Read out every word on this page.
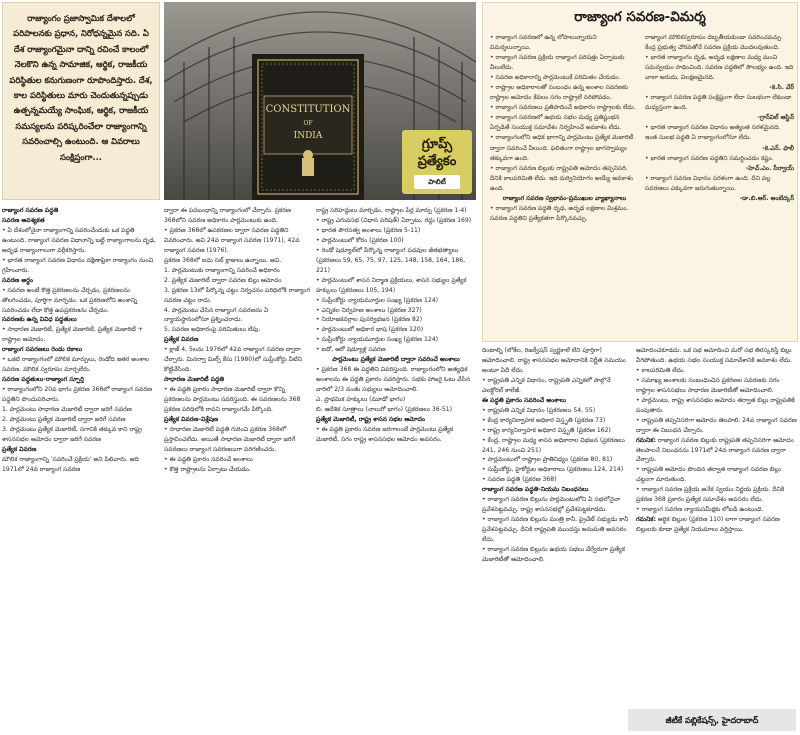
రాజ్యాంగం ప్రజాస్వామిక దేశాలలో పరిపాలనకు ప్రధాన, నిరోధన్నమైన సది. ఏ దేశ రాజ్యాంగమైనా దాన్ని రచించే కాలంలో నెలకొని ఉన్న సామాజిక, ఆర్థిక, రాజకీయ పరిస్థితుల కనుగుణంగా రూపొందిస్తారు. దేశ, కాల పరిస్థితులు మారు చెందుతున్నప్పుడు ఉత్పన్నమయ్యే సాంఘిక, ఆర్థిక, రాజకీయ సమస్యలను పరిష్కరించేలా రాజ్యాంగాన్ని సవరించాల్సి ఉంటుంది. ఆ వివరాలు సంక్షిప్తంగా...

CONSTITUTION
OF
INDIA
గ్రూప్స్ ప్రత్యేకం
పాలిటీ
రాజ్యాంగ సవరణ-విమర్శ

• రాజ్యాంగ సవరణలో ఉన్న లోపాలున్నాయని విమర్శలున్నాయి.

• రాజ్యాంగ సవరణ ప్రక్రియ రాజ్యాంగ పరిషత్తు ఏర్పాటుకు వీలులేదు.

• సవరణ అధికారాన్ని పార్లమెంటుకే పరిమితం చేయడం.

• రాష్ట్రాల అధికారాలతో సంబంధం ఉన్న అంశాల సవరణకు రాష్ట్రాల ఆమోదం కేవలం సగం రాష్ట్రాలే సరిపోవడం.

• రాజ్యాంగ సవరణలు ప్రతిపాదించే అధికారం రాష్ట్రాలకు లేదు.

• రాజ్యాంగ సవరణలో ఉభయ సభల మధ్య ప్రతిష్టంభన ఏర్పడితే సంయుక్త సమావేశం నిర్వహించే అవకాశం లేదు.

• రాజ్యాంగంలోని అధిక భాగాన్ని పార్లమెంటు ప్రత్యేక మెజారిటీ ద్వారా సవరించే వీలుంది. ఫలితంగా రాష్ట్రాల భాగస్వామ్యం తక్కువగా ఉంది.

• రాజ్యాంగ సవరణ బిల్లుకు రాష్ట్రపతి ఆమోదం తప్పనిసరి. దీనికి కాలపరిమితి లేదు. ఇది దుర్వినియోగం అయ్యే అవకాశం ఉంది.

రాజ్యాంగ సవరణ స్వభావం-ప్రముఖుల వ్యాఖ్యానాలు

• రాజ్యాంగ సవరణ పద్ధతి దృఢ, అదృఢ లక్షణాల మిశ్రమం. సవరణ పద్ధతిని ప్రత్యేకతగా పేర్కొనవచ్చు.

రాజ్యాంగ మౌలికస్వరూపం దెబ్బతీయకుండా సవరించవచ్చు. కేంద్ర ప్రభుత్వ చొరవతోనే సవరణ ప్రక్రియ మొదలవుతుంది.

• భారత రాజ్యాంగం దృఢ, అదృఢ లక్షణాల మధ్య మంచి సమన్వయం సాధించింది. సవరణ పద్ధతిలో సౌలభ్యం ఉంది. ఇది చాలా అరుదు, విలక్షణమైనది.

-కె.సి. వేర్

• రాజ్యాంగ సవరణ పద్ధతి సంక్లిష్టంగా లేదా సులభంగా లేకుండా మధ్యస్తంగా ఉంది.

-గ్రాన్‌విల్ ఆస్టిన్

• భారత రాజ్యాంగ సవరణ విధానం అత్యంత సరళమైనది. ఇంత సులభ పద్ధతి ఏ రాజ్యాంగంలోనూ లేదు.

-కె.ఎన్. ఫాలీ

• భారత రాజ్యాంగ సవరణ పద్ధతిని సమర్థించడం కష్టం.

-హెచ్.ఎం. సీర్వాయ్

• రాజ్యాంగ సవరణ విధానం సరళంగా ఉంది. దీని వల్ల సవరణలు ఎక్కువగా జరుగుతున్నాయి.

-డా.బి.ఆర్. అంబేద్కర్

రాజ్యాంగ సవరణ పద్ధతి

సవరణ ఆవశ్యకత

• ఏ దేశంలోనైనా రాజ్యాంగాన్ని సవరించేందుకు ఒక పద్ధతి ఉంటుంది. రాజ్యాంగ సవరణ విధానాన్ని బట్టి రాజ్యాంగాలను దృఢ, అదృఢ రాజ్యాంగాలుగా వర్గీకరిస్తారు.

• భారత రాజ్యాంగ సవరణ విధానం దక్షిణాఫ్రికా రాజ్యాంగం నుంచి గ్రహించారు.

సవరణ అర్థం

• సవరణ అంటే కొత్త ప్రకరణలను చేర్చడం, ప్రకరణలను తొలగించడం, పూర్తిగా మార్చడం. ఒక ప్రకరణలోని అంశాన్ని సవరించడం లేదా కొత్త ఉపప్రకరణను చేర్చడం.

సవరణకు ఉన్న వివిధ పద్ధతులు

• సాధారణ మెజారిటీ, ప్రత్యేక మెజారిటీ, ప్రత్యేక మెజారిటీ + రాష్ట్రాల ఆమోదం.

రాజ్యాంగ సవరణలు రెండు రకాలు

• ఒకటి రాజ్యాంగంలో మౌలిక మార్పులు, రెండోది ఇతర అంశాల సవరణ. మౌలిక స్వరూపం మార్చలేరు.

సవరణ పద్ధతులు-రాజ్యాంగ స్ఫూర్తి

• రాజ్యాంగంలోని 20వ భాగం ప్రకరణ 368లో రాజ్యాంగ సవరణ పద్ధతిని పొందుపరిచారు.

1. పార్లమెంటు సాధారణ మెజారిటీ ద్వారా జరిగే సవరణ

2. పార్లమెంటు ప్రత్యేక మెజారిటీ ద్వారా జరిగే సవరణ

3. పార్లమెంటు ప్రత్యేక మెజారిటీ, సగానికి తక్కువ కాని రాష్ట్ర శాసనసభల ఆమోదం ద్వారా జరిగే సవరణ

ప్రత్యేక వివరణ

మౌలిక రాజ్యాంగాన్ని 'సవరించే ప్రక్రియ' అని పిలిచారు. అది 1971లో 24వ రాజ్యాంగ సవరణ

ద్వారా ఈ పదబంధాన్ని రాజ్యాంగంలో చేర్చారు. ప్రకరణ 368లోని సవరణ అధికారం పార్లమెంటుకు ఉంది.

• ప్రకరణ 368లో ఉపకరణల ద్వారా సవరణ పద్ధతిని వివరించారు. అవి 24వ రాజ్యాంగ సవరణ (1971), 42వ రాజ్యాంగ సవరణ (1976).

ప్రకరణ 368లో ఐదు సబ్ క్లాజులు ఉన్నాయి. అవి.

1. పార్లమెంటుకు రాజ్యాంగాన్ని సవరించే అధికారం

2. ప్రత్యేక మెజారిటీ ద్వారా సవరణ బిల్లు ఆమోదం

3. ప్రకరణ 13లో పేర్కొన్న చట్టం నిర్వచనం పరిధిలోకి రాజ్యాంగ సవరణ చట్టం రాదు.

4. పార్లమెంటు చేసిన రాజ్యాంగ సవరణను ఏ న్యాయస్థానంలోనూ ప్రశ్నించరాదు.

5. సవరణ అధికారంపై పరిమితులు లేవు.

ప్రత్యేక వివరణ

• క్లాజ్ 4, 5లను 1976లో 42వ రాజ్యాంగ సవరణ ద్వారా చేర్చారు. మినర్వా మిల్స్ కేసు (1980)లో సుప్రీంకోర్టు వీటిని కొట్టివేసింది.

సాధారణ మెజారిటీ పద్ధతి

• ఈ పద్ధతి ప్రకారం సాధారణ మెజారిటీ ద్వారా కొన్ని ప్రకరణలను పార్లమెంటు సవరిస్తుంది. ఈ సవరణలను 368 ప్రకరణ పరిధిలోకి రావని రాజ్యాంగమే పేర్కొంది.

ప్రత్యేక వివరణ-విశ్లేషణ

• సాధారణ మెజారిటీ పద్ధతి గురించి ప్రకరణ 368లో ప్రస్తావించలేదు. అయితే సాధారణ మెజారిటీ ద్వారా జరిగే సవరణలు రాజ్యాంగ సవరణలుగా పరిగణించరు.

• ఈ పద్ధతి ప్రకారం సవరించే అంశాలు

• కొత్త రాష్ట్రాలను ఏర్పాటు చేయడం.

రాష్ట్ర సరిహద్దులు మార్చడం, రాష్ట్రాల పేర్ల మార్పు (ప్రకరణ 1-4)

• రాష్ట్ర ఎగువసభ (విధాన పరిషత్) ఏర్పాటు, రద్దు (ప్రకరణ 169)

• భారత పౌరసత్వ అంశాలు (ప్రకరణ 5-11)

• పార్లమెంటులో కోరం (ప్రకరణ 100)

• రెండో షెడ్యూల్‌లో పేర్కొన్న రాజ్యాంగ పదవుల జీతభత్యాలు (ప్రకరణలు 59, 65, 75, 97, 125, 148, 158, 164, 186, 221)

• పార్లమెంటులో శాసన నిర్మాణ ప్రక్రియలు, శాసన సభ్యుల ప్రత్యేక హక్కులు (ప్రకరణలు 105, 194)

• సుప్రీంకోర్టు న్యాయమూర్తుల సంఖ్య (ప్రకరణ 124)

• ఎన్నికల నిర్వహణ అంశాలు (ప్రకరణ 327)

• నియోజకవర్గాల పునర్విభజన (ప్రకరణ 82)

• పార్లమెంటులో అధికార భాష (ప్రకరణ 120)

• సుప్రీంకోర్టు న్యాయమూర్తుల సంఖ్య (ప్రకరణ 124)

• ఐదో, ఆరో షెడ్యూళ్ల సవరణ

పార్లమెంటు ప్రత్యేక మెజారిటీ ద్వారా సవరించే అంశాలు

• ప్రకరణ 368 ఈ పద్ధతిని వివరిస్తుంది. రాజ్యాంగంలోని అత్యధిక అంశాలను ఈ పద్ధతి ప్రకారం సవరిస్తారు. సభకు హాజరై ఓటు వేసిన వారిలో 2/3 వంతు సభ్యులు ఆమోదించాలి.

ఎ. ప్రాథమిక హక్కులు (మూడో భాగం)

బి. ఆదేశిక సూత్రాలు (నాలుగో భాగం) (ప్రకరణలు 36-51)

ప్రత్యేక మెజారిటీ, రాష్ట్ర శాసన సభల ఆమోదం

• ఈ పద్ధతి ప్రకారం సవరణ జరగాలంటే పార్లమెంటు ప్రత్యేక మెజారిటీ, సగం రాష్ట్ర శాసనసభల ఆమోదం అవసరం.

దింటాల్ని (లోకేల, రిజర్వేషన్ స్వర్ణకాలే లేని పూర్తిగా) ఆమోదించాలి. రాష్ట్ర శాసనసభల ఆమోదానికి నిర్ణీత సమయం అంటూ ఏదీ లేదు.

• రాష్ట్రపతి ఎన్నిక విధానం, రాష్ట్రపతి ఎన్నికలో పాల్గొనే ఎలక్టోరల్ కాలేజీ.

ఈ పద్ధతి ప్రకారం సవరించే అంశాలు

• రాష్ట్రపతి ఎన్నిక విధానం (ప్రకరణలు 54, 55)

• కేంద్ర కార్యనిర్వాహక అధికార విస్తృతి (ప్రకరణ 73)

• రాష్ట్ర కార్యనిర్వాహక అధికార విస్తృతి (ప్రకరణ 162)

• కేంద్ర, రాష్ట్రాల మధ్య శాసన అధికారాల విభజన (ప్రకరణలు 241, 246 నుంచి 251)

• పార్లమెంటులో రాష్ట్రాల ప్రాతినిధ్యం (ప్రకరణ 80, 81)

• సుప్రీంకోర్టు, హైకోర్టుల అధికారాలు (ప్రకరణలు 124, 214)

• సవరణ పద్ధతి (ప్రకరణ 368)

రాజ్యాంగ సవరణ పద్ధతి-నియమ నిబంధనలు

• రాజ్యాంగ సవరణ బిల్లును పార్లమెంటులోని ఏ సభలోనైనా ప్రవేశపెట్టవచ్చు. రాష్ట్ర శాసనసభల్లో ప్రవేశపెట్టకూడదు.

• రాజ్యాంగ సవరణ బిల్లును మంత్రి కానీ, ప్రైవేట్ సభ్యుడు కానీ ప్రవేశపెట్టవచ్చు. దీనికి రాష్ట్రపతి ముందస్తు అనుమతి అవసరం లేదు.

• రాజ్యాంగ సవరణ బిల్లును ఉభయ సభలు వేర్వేరుగా ప్రత్యేక మెజారిటీతో ఆమోదించాలి.

ఆమోదించకూడదు. ఒక సభ ఆమోదించి మరో సభ తిరస్కరిస్తే బిల్లు వీగిపోతుంది. ఉభయ సభల సంయుక్త సమావేశానికి అవకాశం లేదు.

• కాలపరిమితి లేదు.

• సమాఖ్య అంశాలకు సంబంధించిన ప్రకరణల సవరణకు సగం రాష్ట్రాల శాసనసభలు సాధారణ మెజారిటీతో ఆమోదించాలి.

• పార్లమెంటు, రాష్ట్ర శాసనసభల ఆమోదం తర్వాత బిల్లు రాష్ట్రపతికి పంపుతారు.

• రాష్ట్రపతి తప్పనిసరిగా ఆమోదం తెలపాలి. 24వ రాజ్యాంగ సవరణ ద్వారా ఈ నిబంధన చేర్చారు.

గమనిక: రాజ్యాంగ సవరణ బిల్లుకు రాష్ట్రపతి తప్పనిసరిగా ఆమోదం తెలపాలనే నిబంధనను 1971లో 24వ రాజ్యాంగ సవరణ ద్వారా చేర్చారు.

• రాష్ట్రపతి ఆమోదం పొందిన తర్వాత రాజ్యాంగ సవరణ బిల్లు చట్టంగా మారుతుంది.

• రాజ్యాంగ సవరణ ప్రక్రియ అనేక స్వయం నిర్ణయ ప్రక్రియ. దీనికి ప్రకరణ 368 ప్రకారం ప్రత్యేక సమావేశం అవసరం లేదు.

• రాజ్యాంగ సవరణ న్యాయసమీక్షకు లోబడి ఉంటుంది.

గమనిక: ఆర్థిక బిల్లుల (ప్రకరణ 110) లాగా రాజ్యాంగ సవరణ బిల్లులకు కూడా ప్రత్యేక నియమాలు వర్తిస్తాయి.

జీటీకే పబ్లికేషన్స్, హైదరాబాద్
